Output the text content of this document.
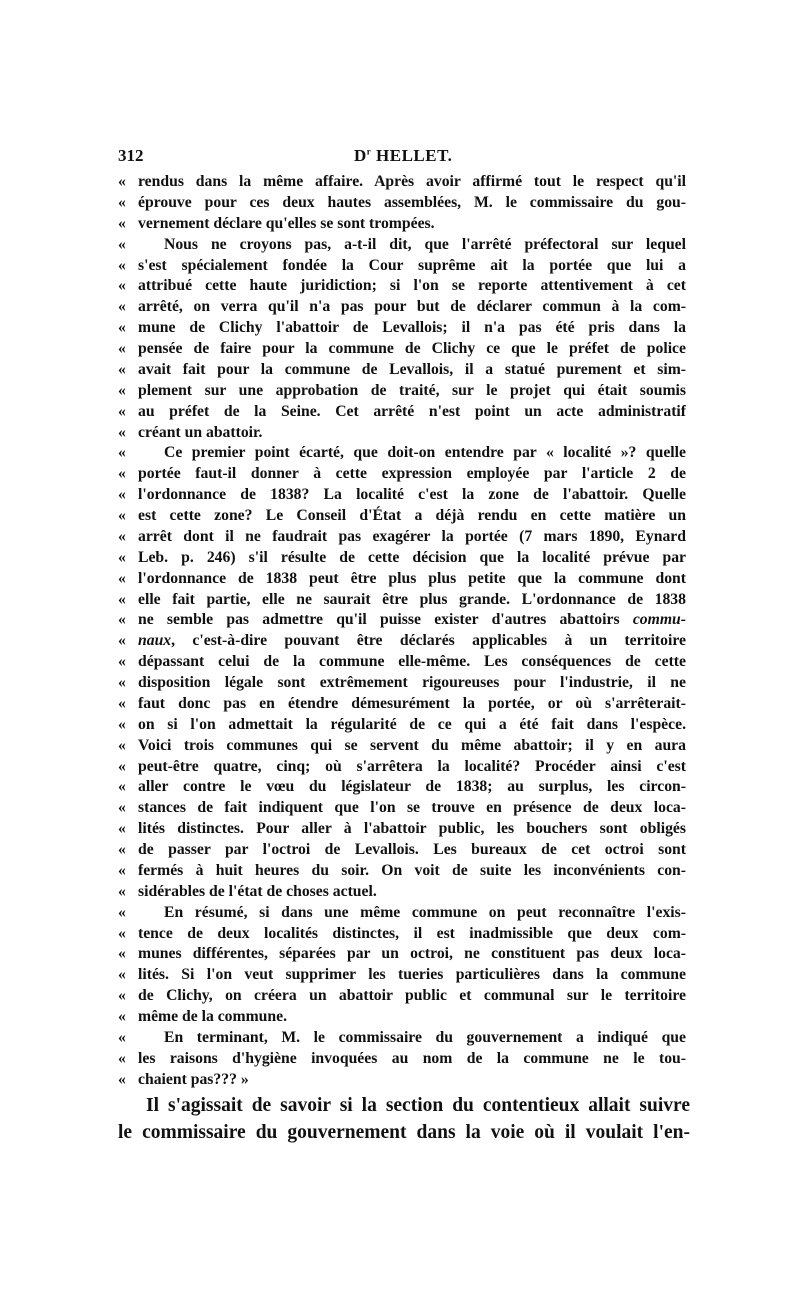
312	$D^r$ HELLET.
« rendus dans la même affaire. Après avoir affirmé tout le respect qu'il
« éprouve pour ces deux hautes assemblées, M. le commissaire du gou-
« vernement déclare qu'elles se sont trompées.
« Nous ne croyons pas, a-t-il dit, que l'arrêté préfectoral sur lequel
« s'est spécialement fondée la Cour suprême ait la portée que lui a
« attribué cette haute juridiction; si l'on se reporte attentivement à cet
« arrêté, on verra qu'il n'a pas pour but de déclarer commun à la com-
« mune de Clichy l'abattoir de Levallois; il n'a pas été pris dans la
« pensée de faire pour la commune de Clichy ce que le préfet de police
« avait fait pour la commune de Levallois, il a statué purement et sim-
« plement sur une approbation de traité, sur le projet qui était soumis
« au préfet de la Seine. Cet arrêté n'est point un acte administratif
« créant un abattoir.
« Ce premier point écarté, que doit-on entendre par « localité »? quelle
« portée faut-il donner à cette expression employée par l'article 2 de
« l'ordonnance de 1838? La localité c'est la zone de l'abattoir. Quelle
« est cette zone? Le Conseil d'État a déjà rendu en cette matière un
« arrêt dont il ne faudrait pas exagérer la portée (7 mars 1890, Eynard
« Leb. p. 246) s'il résulte de cette décision que la localité prévue par
« l'ordonnance de 1838 peut être plus plus petite que la commune dont
« elle fait partie, elle ne saurait être plus grande. L'ordonnance de 1838
« ne semble pas admettre qu'il puisse exister d'autres abattoirs commu-
« naux, c'est-à-dire pouvant être déclarés applicables à un territoire
« dépassant celui de la commune elle-même. Les conséquences de cette
« disposition légale sont extrêmement rigoureuses pour l'industrie, il ne
« faut donc pas en étendre démesurément la portée, or où s'arrêterait-
« on si l'on admettait la régularité de ce qui a été fait dans l'espèce.
« Voici trois communes qui se servent du même abattoir; il y en aura
« peut-être quatre, cinq; où s'arrêtera la localité? Procéder ainsi c'est
« aller contre le vœu du législateur de 1838; au surplus, les circon-
« stances de fait indiquent que l'on se trouve en présence de deux loca-
« lités distinctes. Pour aller à l'abattoir public, les bouchers sont obligés
« de passer par l'octroi de Levallois. Les bureaux de cet octroi sont
« fermés à huit heures du soir. On voit de suite les inconvénients con-
« sidérables de l'état de choses actuel.
« En résumé, si dans une même commune on peut reconnaître l'exis-
« tence de deux localités distinctes, il est inadmissible que deux com-
« munes différentes, séparées par un octroi, ne constituent pas deux loca-
« lités. Si l'on veut supprimer les tueries particulières dans la commune
« de Clichy, on créera un abattoir public et communal sur le territoire
« même de la commune.
« En terminant, M. le commissaire du gouvernement a indiqué que
« les raisons d'hygiène invoquées au nom de la commune ne le tou-
« chaient pas??? »
Il s'agissait de savoir si la section du contentieux allait suivre
le commissaire du gouvernement dans la voie où il voulait l'en-
